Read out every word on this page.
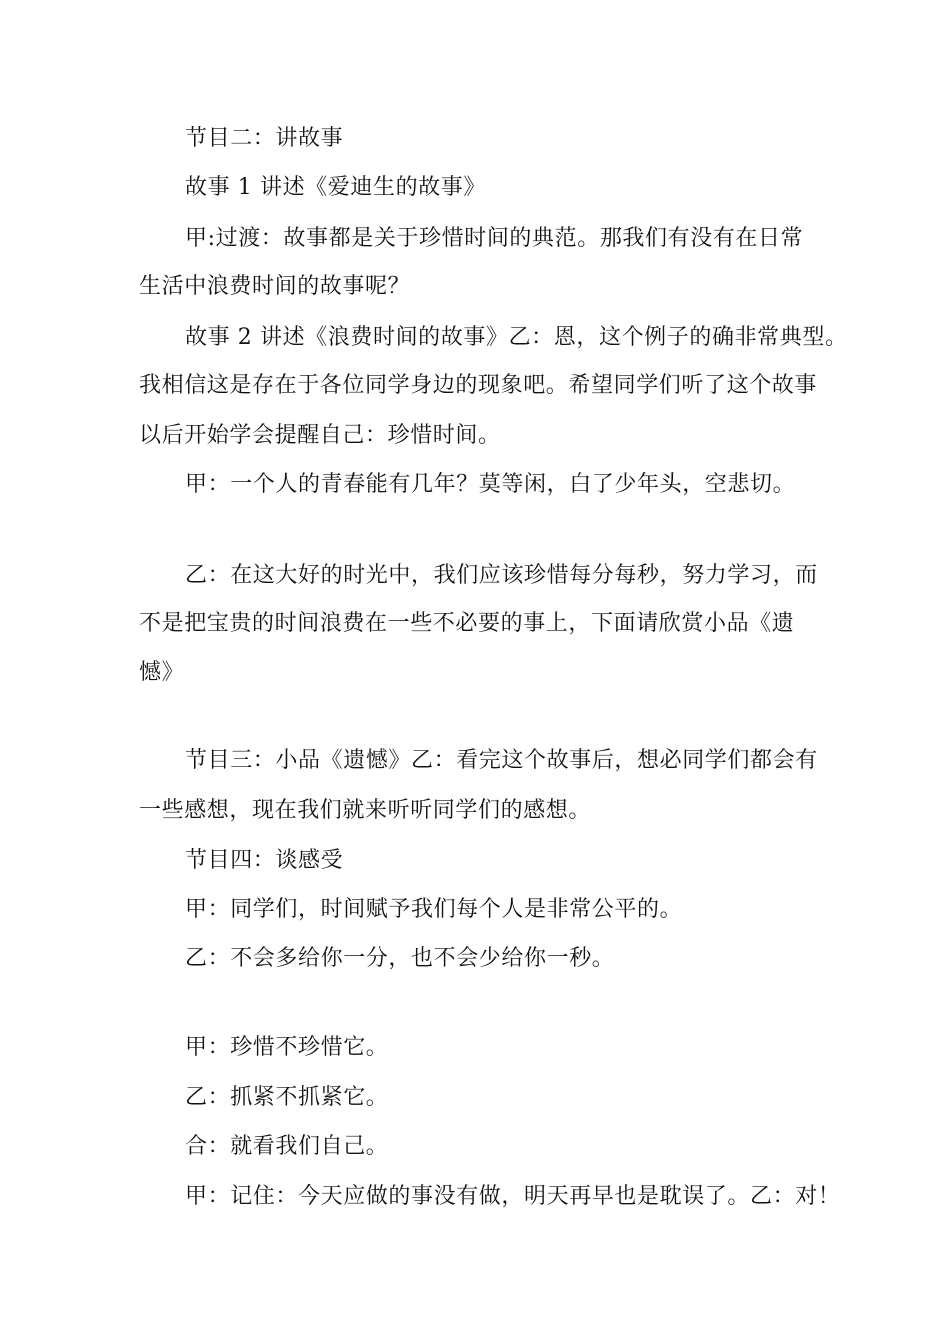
节目二：讲故事
故事 1 讲述《爱迪生的故事》
甲:过渡：故事都是关于珍惜时间的典范。那我们有没有在日常
生活中浪费时间的故事呢？
故事 2 讲述《浪费时间的故事》乙：恩，这个例子的确非常典型。
我相信这是存在于各位同学身边的现象吧。希望同学们听了这个故事
以后开始学会提醒自己：珍惜时间。
甲：一个人的青春能有几年？莫等闲，白了少年头，空悲切。
乙：在这大好的时光中，我们应该珍惜每分每秒，努力学习，而
不是把宝贵的时间浪费在一些不必要的事上，下面请欣赏小品《遗
憾》
节目三：小品《遗憾》乙：看完这个故事后，想必同学们都会有
一些感想，现在我们就来听听同学们的感想。
节目四：谈感受
甲：同学们，时间赋予我们每个人是非常公平的。
乙：不会多给你一分，也不会少给你一秒。
甲：珍惜不珍惜它。
乙：抓紧不抓紧它。
合：就看我们自己。
甲：记住：今天应做的事没有做，明天再早也是耽误了。乙：对！
